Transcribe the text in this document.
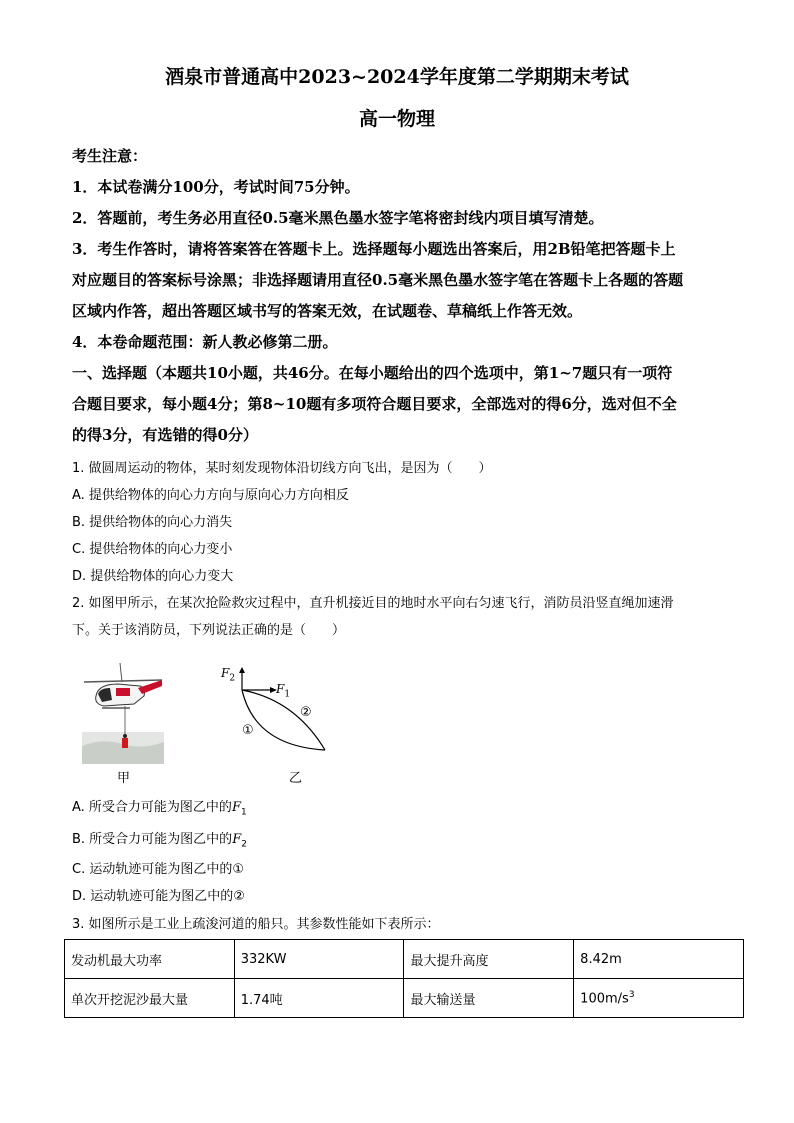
酒泉市普通高中2023~2024学年度第二学期期末考试
高一物理
考生注意：
1．本试卷满分100分，考试时间75分钟。
2．答题前，考生务必用直径0.5毫米黑色墨水签字笔将密封线内项目填写清楚。
3．考生作答时，请将答案答在答题卡上。选择题每小题选出答案后，用2B铅笔把答题卡上
对应题目的答案标号涂黑；非选择题请用直径0.5毫米黑色墨水签字笔在答题卡上各题的答题
区域内作答，超出答题区域书写的答案无效，在试题卷、草稿纸上作答无效。
4．本卷命题范围：新人教必修第二册。
一、选择题（本题共10小题，共46分。在每小题给出的四个选项中，第1~7题只有一项符
合题目要求，每小题4分；第8~10题有多项符合题目要求，全部选对的得6分，选对但不全
的得3分，有选错的得0分）
1. 做圆周运动的物体，某时刻发现物体沿切线方向飞出，是因为（　　）
A. 提供给物体的向心力方向与原向心力方向相反
B. 提供给物体的向心力消失
C. 提供给物体的向心力变小
D. 提供给物体的向心力变大
2. 如图甲所示，在某次抢险救灾过程中，直升机接近目的地时水平向右匀速飞行，消防员沿竖直绳加速滑
下。关于该消防员，下列说法正确的是（　　）
甲
$F_2$
$F_1$
②
①
乙
A. 所受合力可能为图乙中的$F_1$
B. 所受合力可能为图乙中的$F_2$
C. 运动轨迹可能为图乙中的①
D. 运动轨迹可能为图乙中的②
3. 如图所示是工业上疏浚河道的船只。其参数性能如下表所示：
发动机最大功率	332KW	最大提升高度	8.42m
单次开挖泥沙最大量	1.74吨	最大输送量	$100m/s^3$
